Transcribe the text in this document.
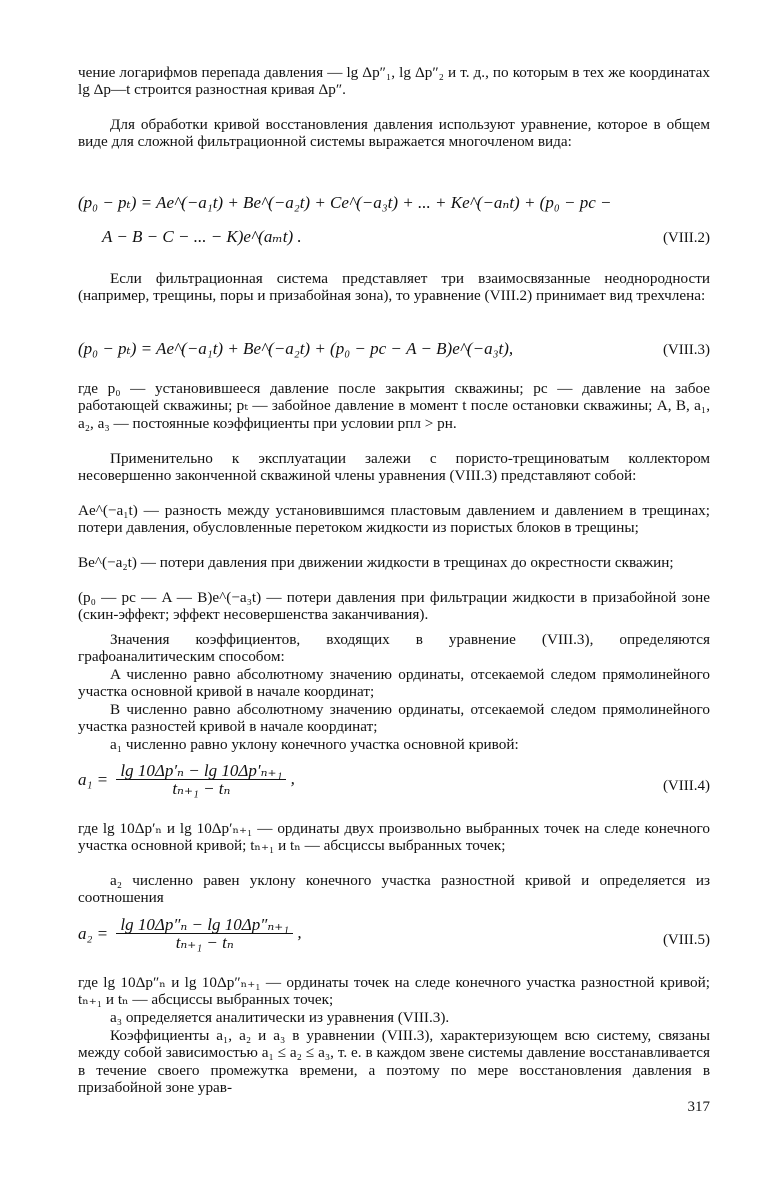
чение логарифмов перепада давления — lg Δp″₁, lg Δp″₂ и т. д., по которым в тех же координатах lg Δp—t строится разностная кривая Δp″.

Для обработки кривой восстановления давления используют уравнение, которое в общем виде для сложной фильтрационной системы выражается многочленом вида:

(p₀ − pₜ) = Ae^(−a₁t) + Be^(−a₂t) + Ce^(−a₃t) + ... + Ke^(−aₙt) + (p₀ − pс −
A − B − C − ... − K)e^(aₘt) .	(VIII.2)

Если фильтрационная система представляет три взаимосвязанные неоднородности (например, трещины, поры и призабойная зона), то уравнение (VIII.2) принимает вид трехчлена:

(p₀ − pₜ) = Ae^(−a₁t) + Be^(−a₂t) + (p₀ − pс − A − B)e^(−a₃t),	(VIII.3)

где p₀ — установившееся давление после закрытия скважины; pс — давление на забое работающей скважины; pₜ — забойное давление в момент t после остановки скважины; A, B, a₁, a₂, a₃ — постоянные коэффициенты при условии pпл > pн.

Применительно к эксплуатации залежи с пористо-трещиноватым коллектором несовершенно законченной скважиной члены уравнения (VIII.3) представляют собой:

Ae^(−a₁t) — разность между установившимся пластовым давлением и давлением в трещинах; потери давления, обусловленные перетоком жидкости из пористых блоков в трещины;

Be^(−a₂t) — потери давления при движении жидкости в трещинах до окрестности скважин;

(p₀ — pс — A — B)e^(−a₃t) — потери давления при фильтрации жидкости в призабойной зоне (скин-эффект; эффект несовершенства заканчивания).

Значения коэффициентов, входящих в уравнение (VIII.3), определяются графоаналитическим способом:

A численно равно абсолютному значению ординаты, отсекаемой следом прямолинейного участка основной кривой в начале координат;

B численно равно абсолютному значению ординаты, отсекаемой следом прямолинейного участка разностей кривой в начале координат;

a₁ численно равно уклону конечного участка основной кривой:

$a_1 = \frac{\text{lg 10Δp′ₙ − lg 10Δp′ₙ₊₁}}{\text{tₙ₊₁ − tₙ}}$ ,	(VIII.4)

где lg 10Δp′ₙ и lg 10Δp′ₙ₊₁ — ординаты двух произвольно выбранных точек на следе конечного участка основной кривой; tₙ₊₁ и tₙ — абсциссы выбранных точек;

a₂ численно равен уклону конечного участка разностной кривой и определяется из соотношения

$a_2 = \frac{\text{lg 10Δp″ₙ − lg 10Δp″ₙ₊₁}}{\text{tₙ₊₁ − tₙ}}$ ,	(VIII.5)

где lg 10Δp″ₙ и lg 10Δp″ₙ₊₁ — ординаты точек на следе конечного участка разностной кривой; tₙ₊₁ и tₙ — абсциссы выбранных точек;

a₃ определяется аналитически из уравнения (VIII.3).

Коэффициенты a₁, a₂ и a₃ в уравнении (VIII.3), характеризующем всю систему, связаны между собой зависимостью a₁ ≤ a₂ ≤ a₃, т. е. в каждом звене системы давление восстанавливается в течение своего промежутка времени, а поэтому по мере восстановления давления в призабойной зоне урав-

317
